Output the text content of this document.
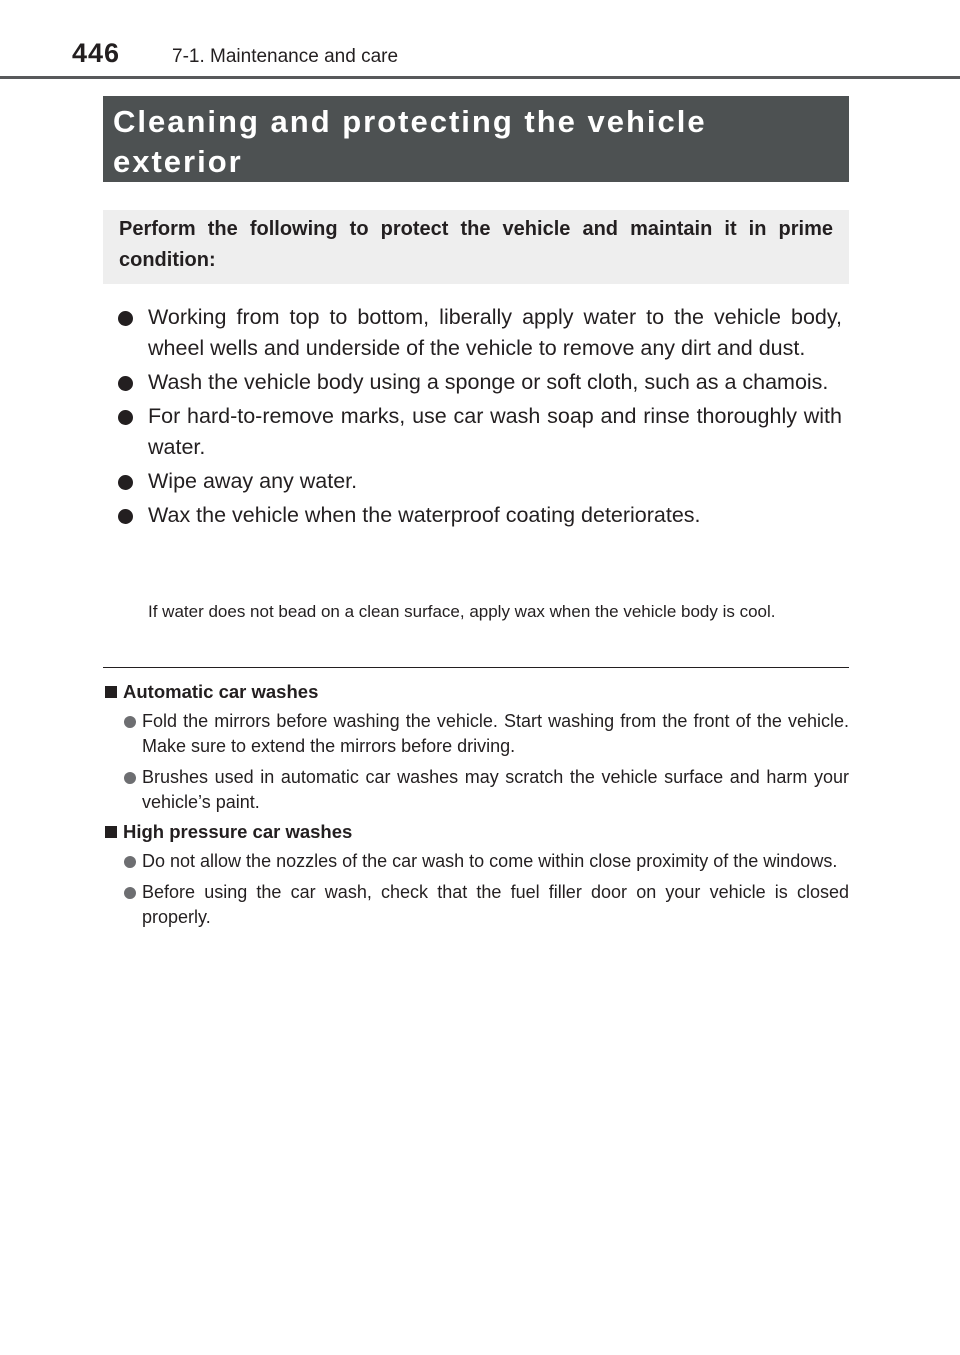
446	7-1. Maintenance and care
Cleaning and protecting the vehicle exterior
Perform the following to protect the vehicle and maintain it in prime condition:
Working from top to bottom, liberally apply water to the vehicle body, wheel wells and underside of the vehicle to remove any dirt and dust.
Wash the vehicle body using a sponge or soft cloth, such as a chamois.
For hard-to-remove marks, use car wash soap and rinse thoroughly with water.
Wipe away any water.
Wax the vehicle when the waterproof coating deteriorates.
If water does not bead on a clean surface, apply wax when the vehicle body is cool.
Automatic car washes
Fold the mirrors before washing the vehicle. Start washing from the front of the vehicle. Make sure to extend the mirrors before driving.
Brushes used in automatic car washes may scratch the vehicle surface and harm your vehicle’s paint.
High pressure car washes
Do not allow the nozzles of the car wash to come within close proximity of the windows.
Before using the car wash, check that the fuel filler door on your vehicle is closed properly.
